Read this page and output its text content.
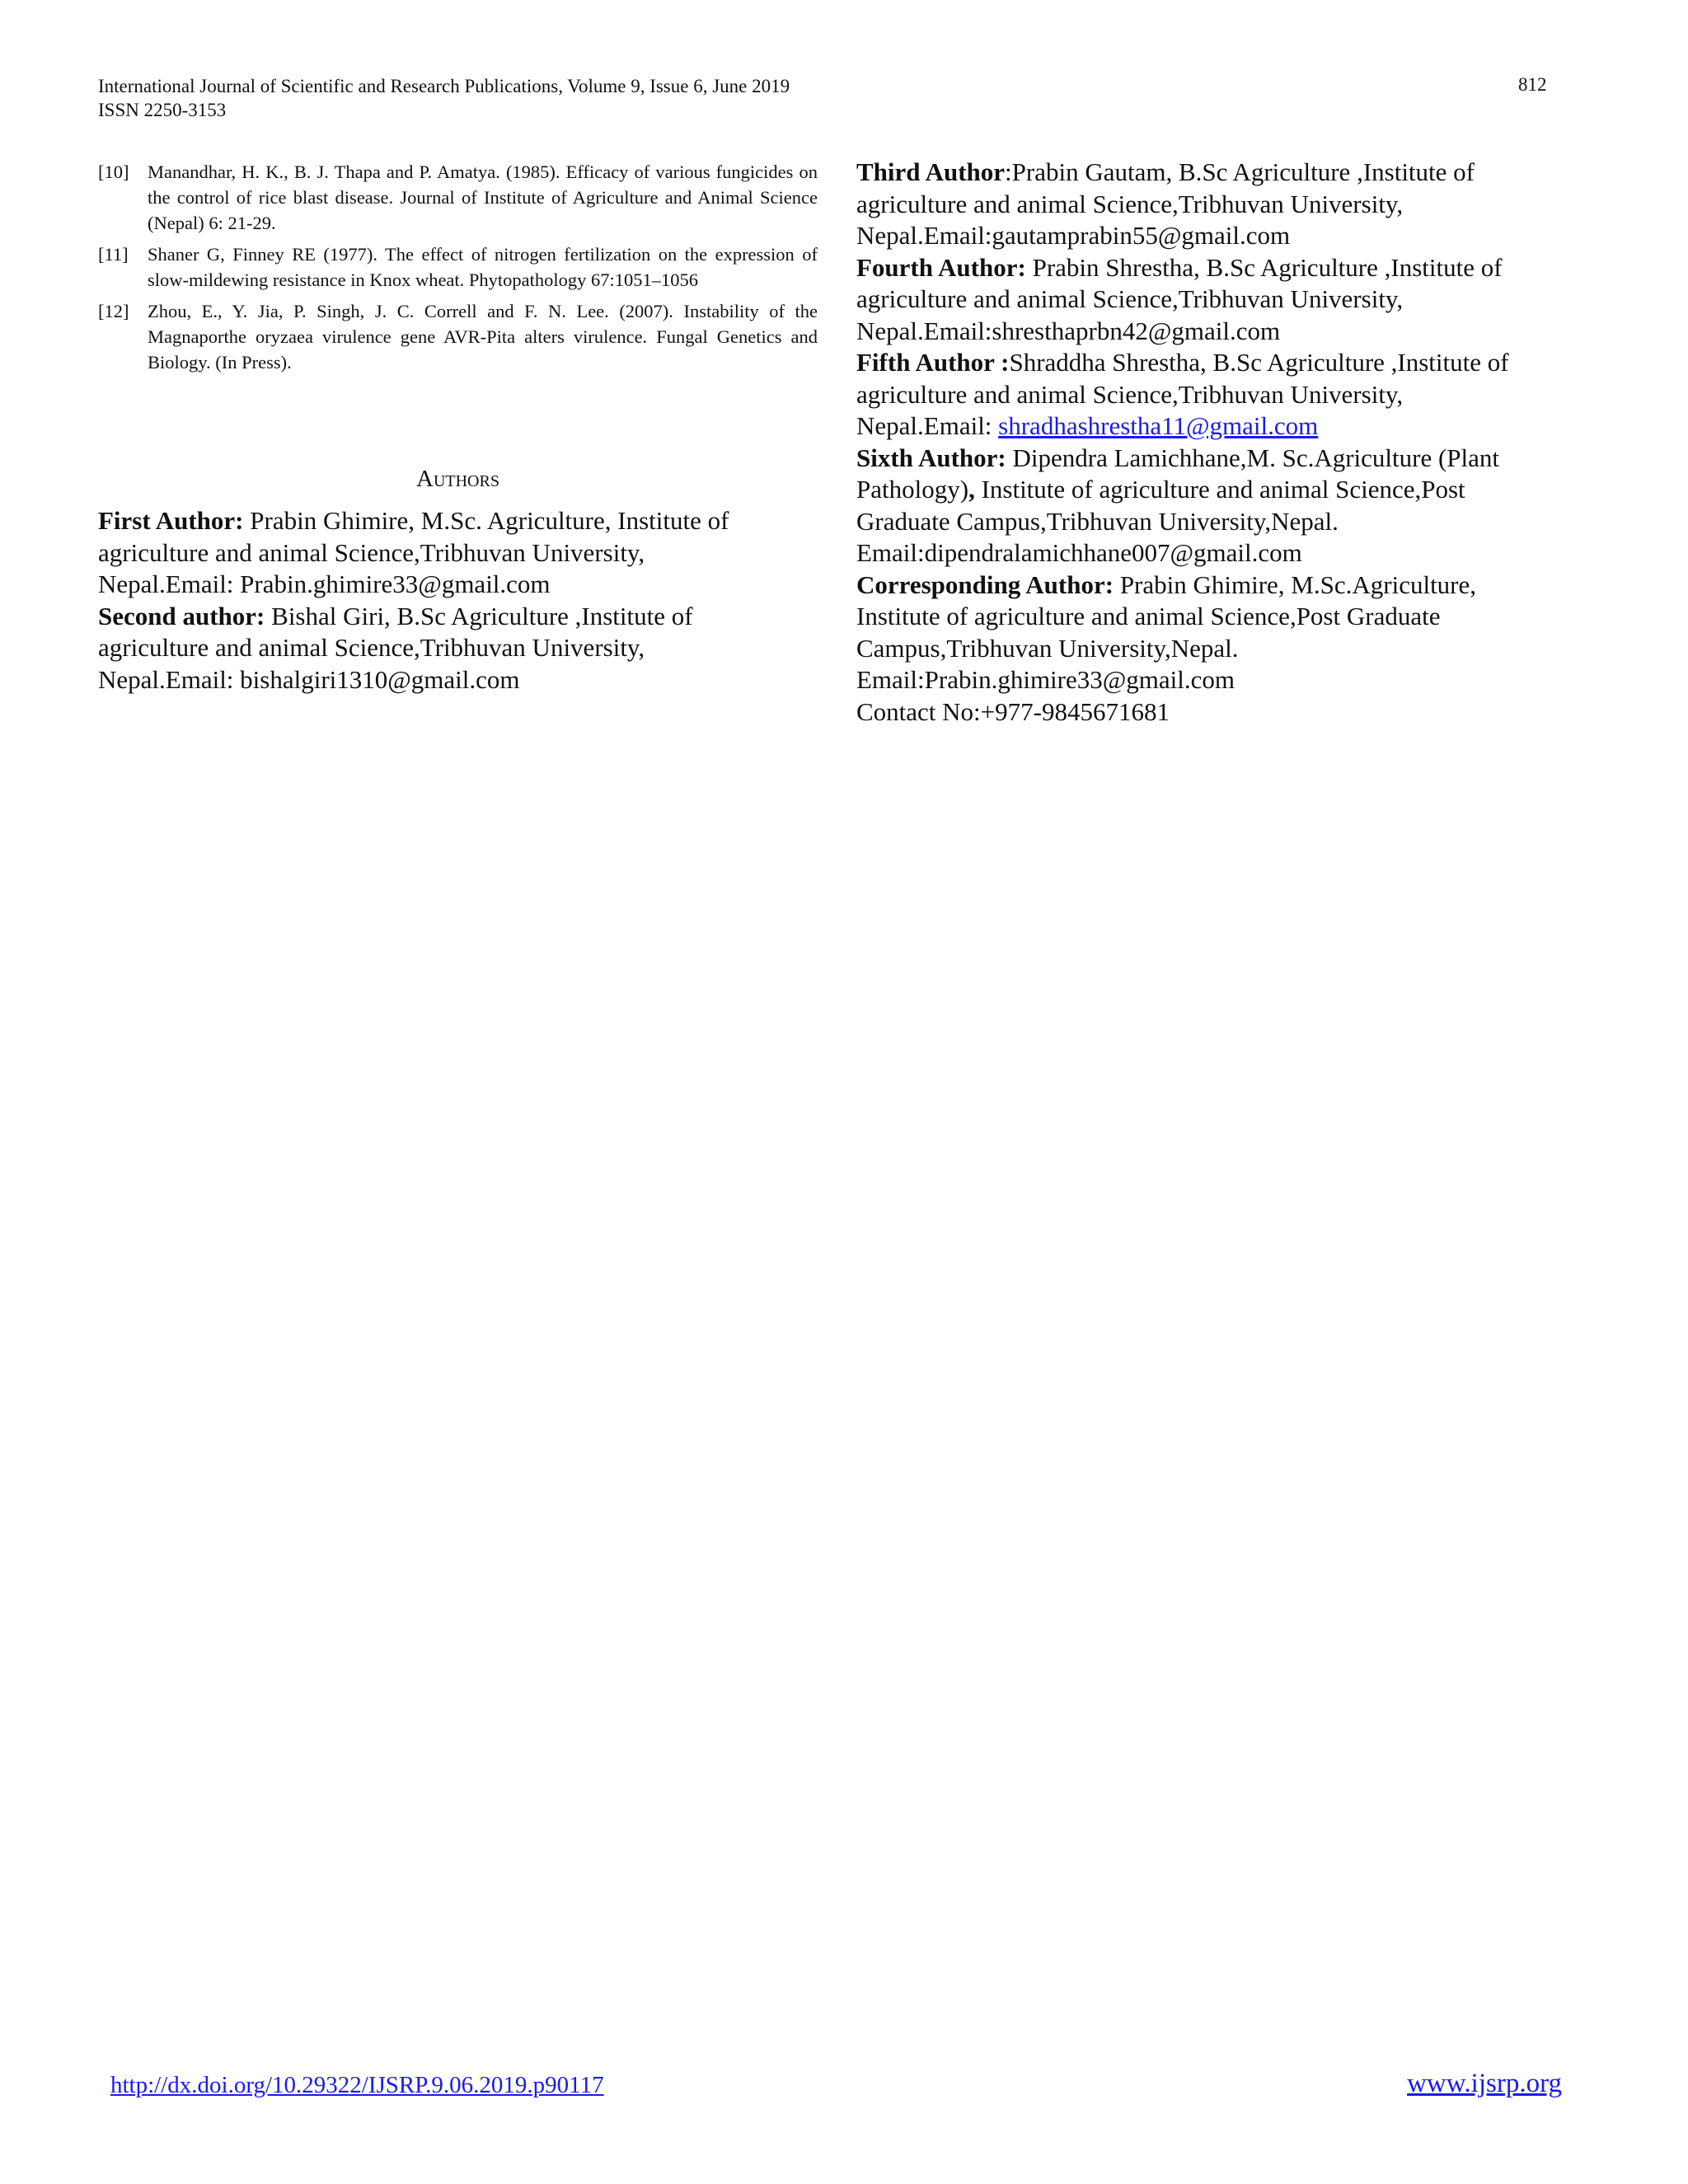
International Journal of Scientific and Research Publications, Volume 9, Issue 6, June 2019
ISSN 2250-3153
812
[10]	Manandhar, H. K., B. J. Thapa and P. Amatya. (1985). Efficacy of various fungicides on the control of rice blast disease. Journal of Institute of Agriculture and Animal Science (Nepal) 6: 21-29.
[11]	Shaner G, Finney RE (1977). The effect of nitrogen fertilization on the expression of slow-mildewing resistance in Knox wheat. Phytopathology 67:1051–1056
[12]	Zhou, E., Y. Jia, P. Singh, J. C. Correll and F. N. Lee. (2007). Instability of the Magnaporthe oryzaea virulence gene AVR-Pita alters virulence. Fungal Genetics and Biology. (In Press).
Authors
First Author: Prabin Ghimire, M.Sc. Agriculture, Institute of
agriculture and animal Science,Tribhuvan University,
Nepal.Email: Prabin.ghimire33@gmail.com
Second author: Bishal Giri, B.Sc Agriculture ,Institute of
agriculture and animal Science,Tribhuvan University,
Nepal.Email: bishalgiri1310@gmail.com
Third Author:Prabin Gautam, B.Sc Agriculture ,Institute of
agriculture and animal Science,Tribhuvan University,
Nepal.Email:gautamprabin55@gmail.com
Fourth Author: Prabin Shrestha, B.Sc Agriculture ,Institute of
agriculture and animal Science,Tribhuvan University,
Nepal.Email:shresthaprbn42@gmail.com
Fifth Author :Shraddha Shrestha, B.Sc Agriculture ,Institute of
agriculture and animal Science,Tribhuvan University,
Nepal.Email: shradhashrestha11@gmail.com
Sixth Author: Dipendra Lamichhane,M. Sc.Agriculture (Plant
Pathology), Institute of agriculture and animal Science,Post
Graduate Campus,Tribhuvan University,Nepal.
Email:dipendralamichhane007@gmail.com
Corresponding Author: Prabin Ghimire, M.Sc.Agriculture,
Institute of agriculture and animal Science,Post Graduate
Campus,Tribhuvan University,Nepal.
Email:Prabin.ghimire33@gmail.com
Contact No:+977-9845671681
http://dx.doi.org/10.29322/IJSRP.9.06.2019.p90117	www.ijsrp.org
